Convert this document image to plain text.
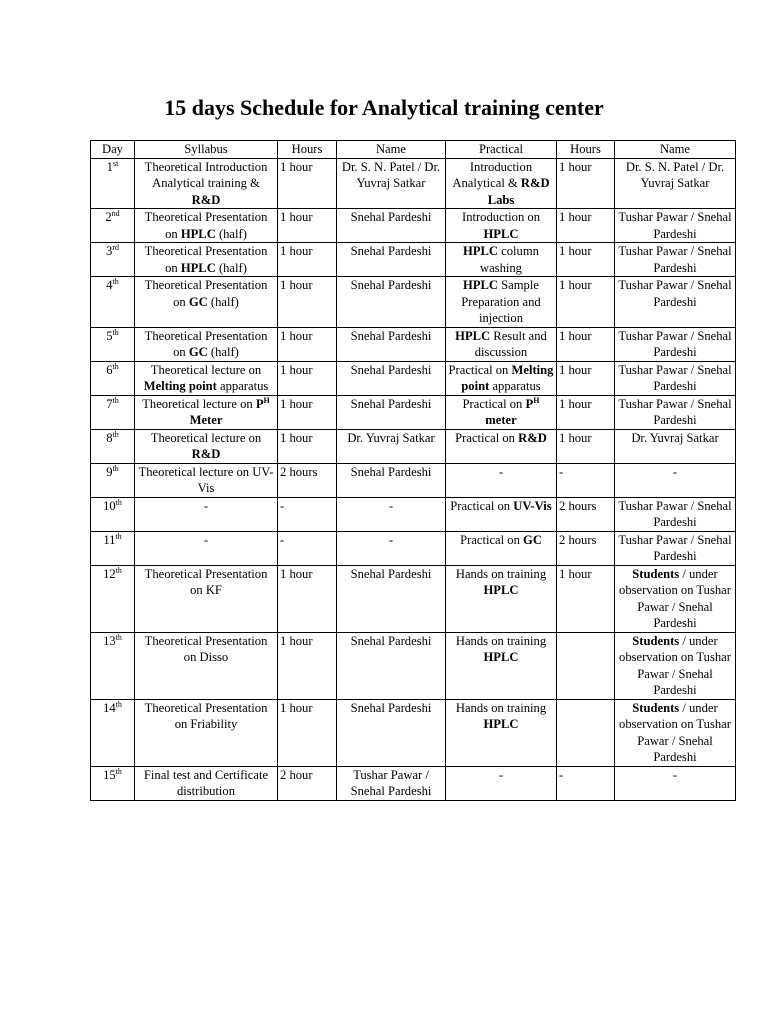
15 days Schedule for Analytical training center
Day	Syllabus	Hours	Name	Practical	Hours	Name
1st	Theoretical Introduction Analytical training & R&D	1 hour	Dr. S. N. Patel / Dr. Yuvraj Satkar	Introduction Analytical & R&D Labs	1 hour	Dr. S. N. Patel / Dr. Yuvraj Satkar
2nd	Theoretical Presentation on HPLC (half)	1 hour	Snehal Pardeshi	Introduction on HPLC	1 hour	Tushar Pawar / Snehal Pardeshi
3rd	Theoretical Presentation on HPLC (half)	1 hour	Snehal Pardeshi	HPLC column washing	1 hour	Tushar Pawar / Snehal Pardeshi
4th	Theoretical Presentation on GC (half)	1 hour	Snehal Pardeshi	HPLC Sample Preparation and injection	1 hour	Tushar Pawar / Snehal Pardeshi
5th	Theoretical Presentation on GC (half)	1 hour	Snehal Pardeshi	HPLC Result and discussion	1 hour	Tushar Pawar / Snehal Pardeshi
6th	Theoretical lecture on Melting point apparatus	1 hour	Snehal Pardeshi	Practical on Melting point apparatus	1 hour	Tushar Pawar / Snehal Pardeshi
7th	Theoretical lecture on $P^H$ Meter	1 hour	Snehal Pardeshi	Practical on $P^H$ meter	1 hour	Tushar Pawar / Snehal Pardeshi
8th	Theoretical lecture on R&D	1 hour	Dr. Yuvraj Satkar	Practical on R&D	1 hour	Dr. Yuvraj Satkar
9th	Theoretical lecture on UV-Vis	2 hours	Snehal Pardeshi	-	-	-
10th	-	-	-	Practical on UV-Vis	2 hours	Tushar Pawar / Snehal Pardeshi
11th	-	-	-	Practical on GC	2 hours	Tushar Pawar / Snehal Pardeshi
12th	Theoretical Presentation on KF	1 hour	Snehal Pardeshi	Hands on training HPLC	1 hour	Students / under observation on Tushar Pawar / Snehal Pardeshi
13th	Theoretical Presentation on Disso	1 hour	Snehal Pardeshi	Hands on training HPLC		Students / under observation on Tushar Pawar / Snehal Pardeshi
14th	Theoretical Presentation on Friability	1 hour	Snehal Pardeshi	Hands on training HPLC		Students / under observation on Tushar Pawar / Snehal Pardeshi
15th	Final test and Certificate distribution	2 hour	Tushar Pawar / Snehal Pardeshi	-	-	-
